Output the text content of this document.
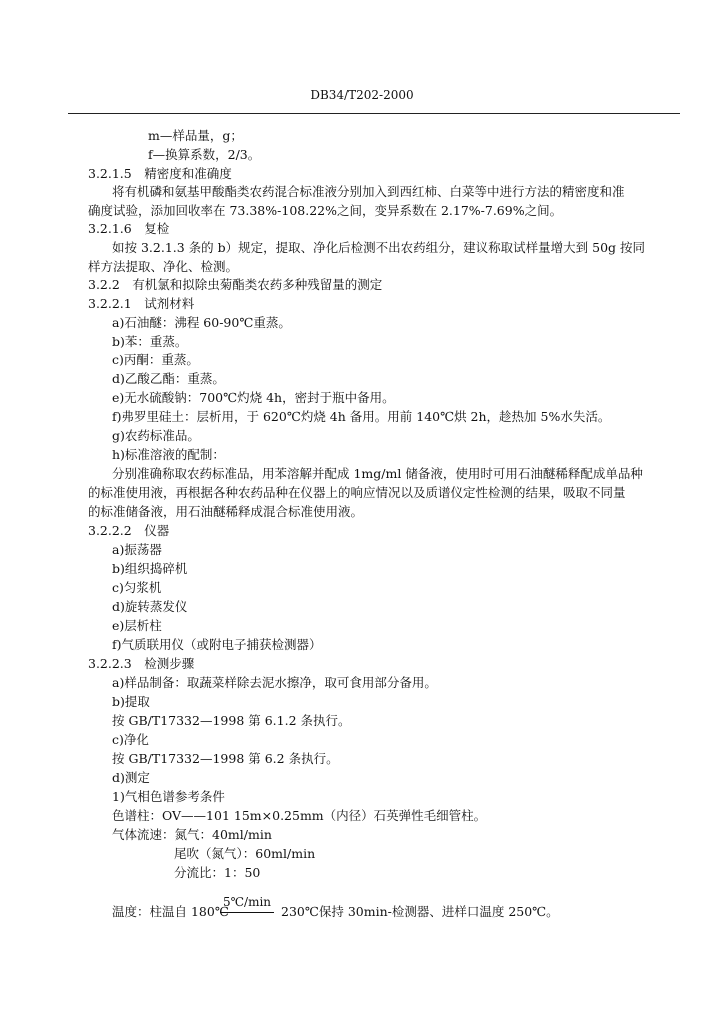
DB34/T202-2000
m—样品量，g；
f—换算系数，2/3。
3.2.1.5　精密度和准确度
将有机磷和氨基甲酸酯类农药混合标准液分别加入到西红柿、白菜等中进行方法的精密度和准
确度试验，添加回收率在 73.38%-108.22%之间，变异系数在 2.17%-7.69%之间。
3.2.1.6　复检
如按 3.2.1.3 条的 b）规定，提取、净化后检测不出农药组分，建议称取试样量增大到 50g 按同
样方法提取、净化、检测。
3.2.2　有机氯和拟除虫菊酯类农药多种残留量的测定
3.2.2.1　试剂材料
a)石油醚：沸程 60-90℃重蒸。
b)苯：重蒸。
c)丙酮：重蒸。
d)乙酸乙酯：重蒸。
e)无水硫酸钠：700℃灼烧 4h，密封于瓶中备用。
f)弗罗里硅土：层析用，于 620℃灼烧 4h 备用。用前 140℃烘 2h，趁热加 5%水失活。
g)农药标准品。
h)标准溶液的配制：
分别准确称取农药标准品，用苯溶解并配成 1mg/ml 储备液，使用时可用石油醚稀释配成单品种
的标准使用液，再根据各种农药品种在仪器上的响应情况以及质谱仪定性检测的结果，吸取不同量
的标准储备液，用石油醚稀释成混合标准使用液。
3.2.2.2　仪器
a)振荡器
b)组织捣碎机
c)匀浆机
d)旋转蒸发仪
e)层析柱
f)气质联用仪（或附电子捕获检测器）
3.2.2.3　检测步骤
a)样品制备：取蔬菜样除去泥水擦净，取可食用部分备用。
b)提取
按 GB/T17332—1998 第 6.1.2 条执行。
c)净化
按 GB/T17332—1998 第 6.2 条执行。
d)测定
1)气相色谱参考条件
色谱柱：OV——101 15m×0.25mm（内径）石英弹性毛细管柱。
气体流速：氮气：40ml/min
尾吹（氮气）：60ml/min
分流比：1：50
温度：柱温自 180℃
5℃/min
230℃保持 30min-检测器、进样口温度 250℃。
